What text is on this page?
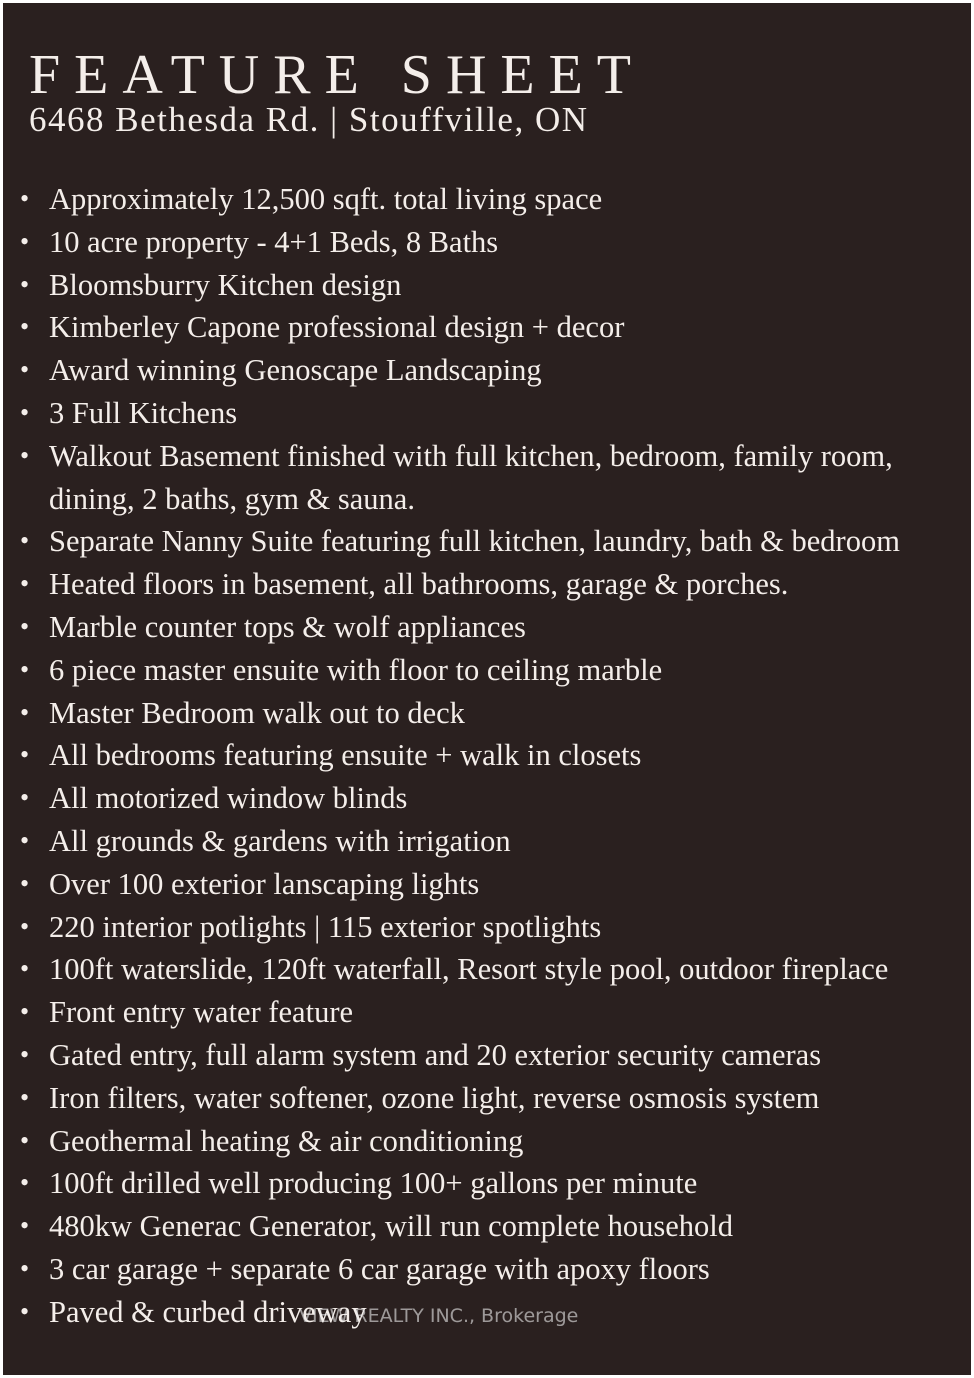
FEATURE SHEET
6468 Bethesda Rd. | Stouffville, ON
• Approximately 12,500 sqft. total living space
• 10 acre property - 4+1 Beds, 8 Baths
• Bloomsburry Kitchen design
• Kimberley Capone professional design + decor
• Award winning Genoscape Landscaping
• 3 Full Kitchens
• Walkout Basement finished with full kitchen, bedroom, family room, dining, 2 baths, gym & sauna.
• Separate Nanny Suite featuring full kitchen, laundry, bath & bedroom
• Heated floors in basement, all bathrooms, garage & porches.
• Marble counter tops & wolf appliances
• 6 piece master ensuite with floor to ceiling marble
• Master Bedroom walk out to deck
• All bedrooms featuring ensuite + walk in closets
• All motorized window blinds
• All grounds & gardens with irrigation
• Over 100 exterior lanscaping lights
• 220 interior potlights | 115 exterior spotlights
• 100ft waterslide, 120ft waterfall, Resort style pool, outdoor fireplace
• Front entry water feature
• Gated entry, full alarm system and 20 exterior security cameras
• Iron filters, water softener, ozone light, reverse osmosis system
• Geothermal heating & air conditioning
• 100ft drilled well producing 100+ gallons per minute
• 480kw Generac Generator, will run complete household
• 3 car garage + separate 6 car garage with apoxy floors
• Paved & curbed driveway
VIEW REALTY INC., Brokerage
